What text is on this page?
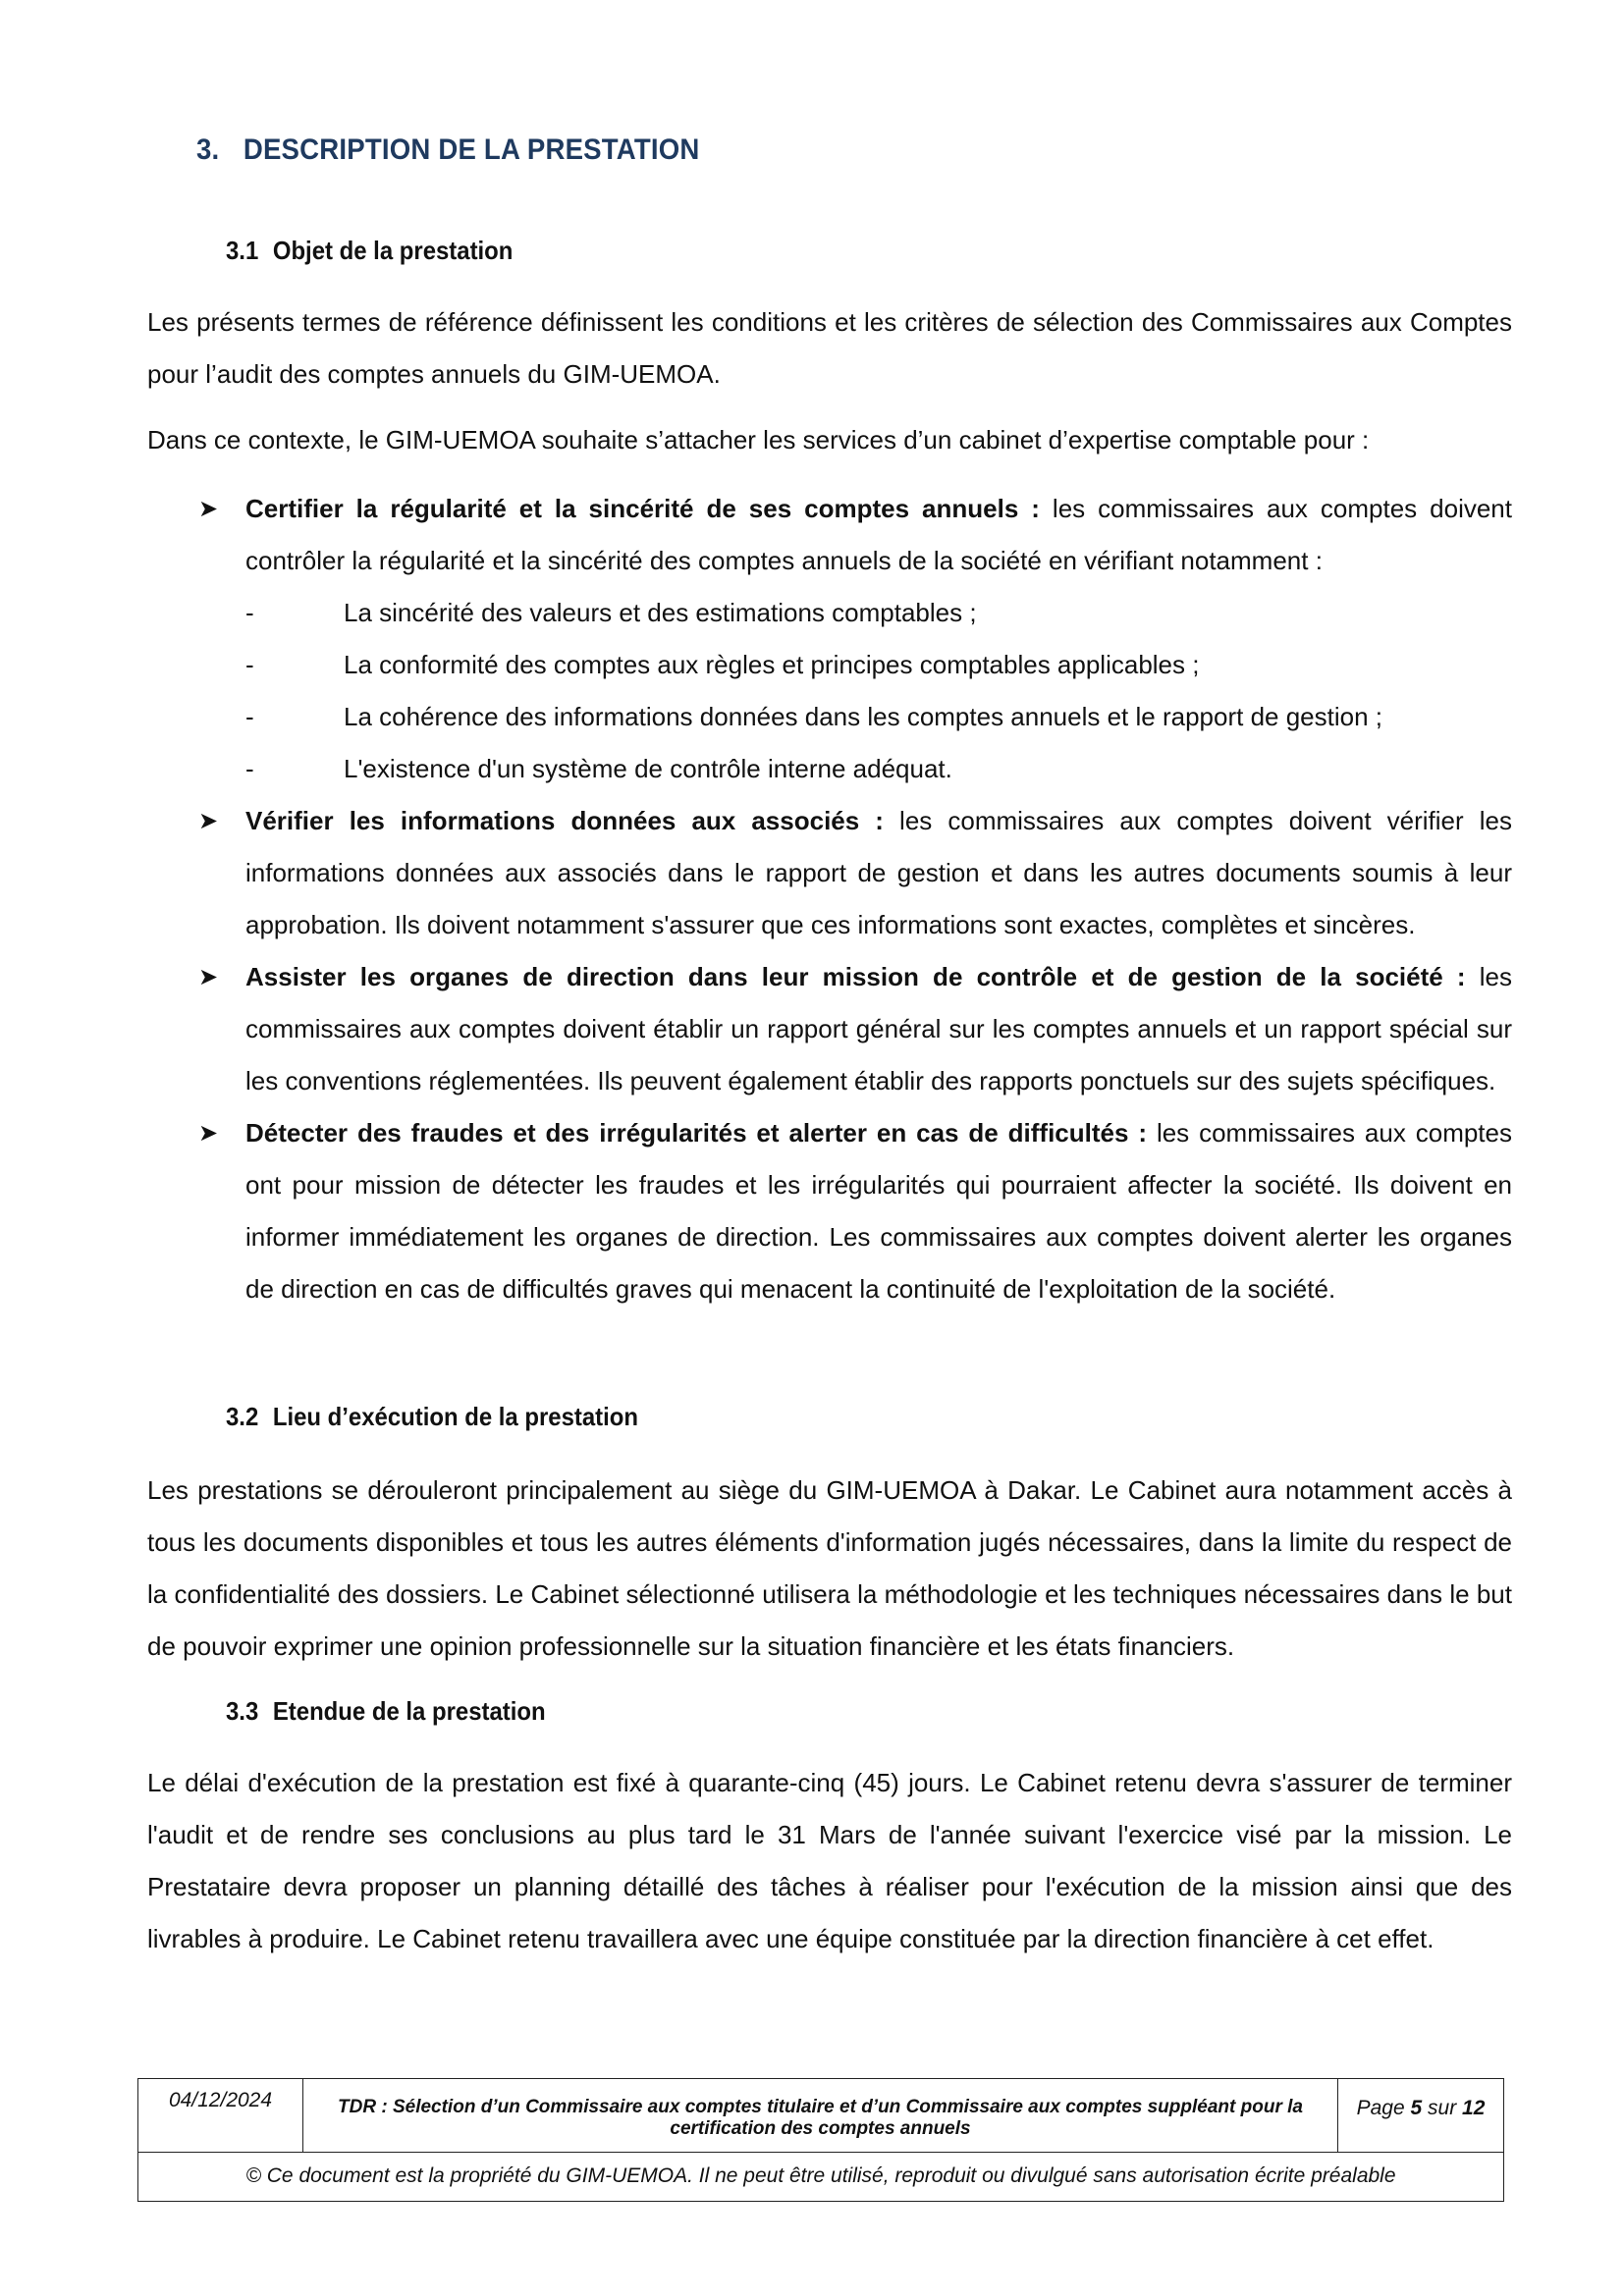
3. DESCRIPTION DE LA PRESTATION
3.1 Objet de la prestation

Les présents termes de référence définissent les conditions et les critères de sélection des Commissaires aux Comptes pour l’audit des comptes annuels du GIM-UEMOA.

Dans ce contexte, le GIM-UEMOA souhaite s’attacher les services d’un cabinet d’expertise comptable pour :

➤ Certifier la régularité et la sincérité de ses comptes annuels : les commissaires aux comptes doivent contrôler la régularité et la sincérité des comptes annuels de la société en vérifiant notamment :
-	La sincérité des valeurs et des estimations comptables ;
-	La conformité des comptes aux règles et principes comptables applicables ;
-	La cohérence des informations données dans les comptes annuels et le rapport de gestion ;
-	L'existence d'un système de contrôle interne adéquat.
➤ Vérifier les informations données aux associés : les commissaires aux comptes doivent vérifier les informations données aux associés dans le rapport de gestion et dans les autres documents soumis à leur approbation. Ils doivent notamment s'assurer que ces informations sont exactes, complètes et sincères.
➤ Assister les organes de direction dans leur mission de contrôle et de gestion de la société : les commissaires aux comptes doivent établir un rapport général sur les comptes annuels et un rapport spécial sur les conventions réglementées. Ils peuvent également établir des rapports ponctuels sur des sujets spécifiques.
➤ Détecter des fraudes et des irrégularités et alerter en cas de difficultés : les commissaires aux comptes ont pour mission de détecter les fraudes et les irrégularités qui pourraient affecter la société. Ils doivent en informer immédiatement les organes de direction. Les commissaires aux comptes doivent alerter les organes de direction en cas de difficultés graves qui menacent la continuité de l'exploitation de la société.
3.2 Lieu d’exécution de la prestation

Les prestations se dérouleront principalement au siège du GIM-UEMOA à Dakar. Le Cabinet aura notamment accès à tous les documents disponibles et tous les autres éléments d'information jugés nécessaires, dans la limite du respect de la confidentialité des dossiers. Le Cabinet sélectionné utilisera la méthodologie et les techniques nécessaires dans le but de pouvoir exprimer une opinion professionnelle sur la situation financière et les états financiers.

3.3 Etendue de la prestation

Le délai d'exécution de la prestation est fixé à quarante-cinq (45) jours. Le Cabinet retenu devra s'assurer de terminer l'audit et de rendre ses conclusions au plus tard le 31 Mars de l'année suivant l'exercice visé par la mission. Le Prestataire devra proposer un planning détaillé des tâches à réaliser pour l'exécution de la mission ainsi que des livrables à produire. Le Cabinet retenu travaillera avec une équipe constituée par la direction financière à cet effet.

04/12/2024	TDR : Sélection d’un Commissaire aux comptes titulaire et d’un Commissaire aux comptes suppléant pour la certification des comptes annuels
Page 5 sur 12
© Ce document est la propriété du GIM-UEMOA. Il ne peut être utilisé, reproduit ou divulgué sans autorisation écrite préalable
